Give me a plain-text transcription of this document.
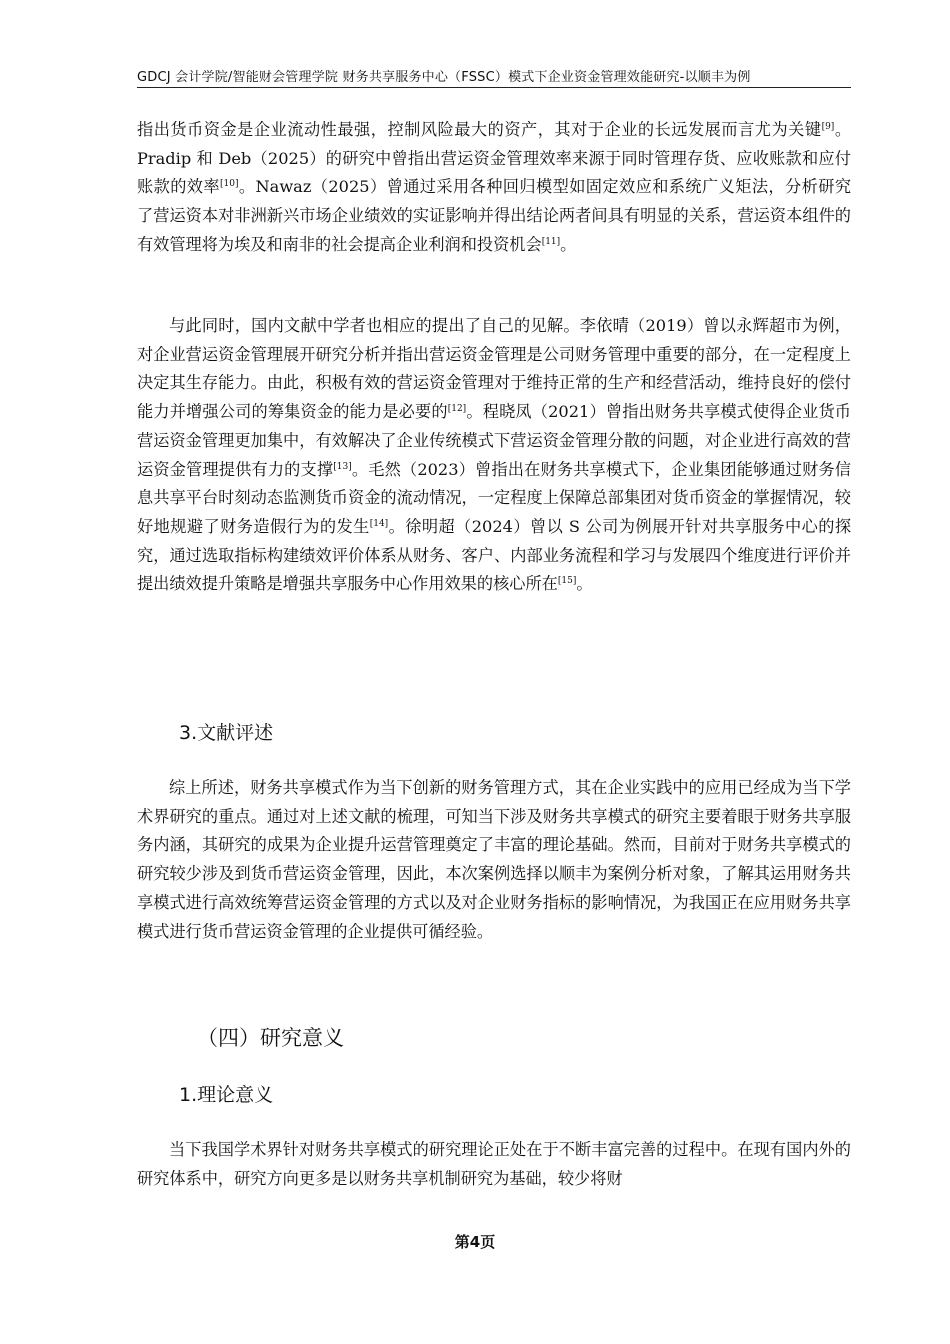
GDCJ 会计学院/智能财会管理学院 财务共享服务中心（FSSC）模式下企业资金管理效能研究-以顺丰为例

指出货币资金是企业流动性最强，控制风险最大的资产，其对于企业的长远发展而言尤为关键[9]。Pradip 和 Deb（2025）的研究中曾指出营运资金管理效率来源于同时管理存货、应收账款和应付账款的效率[10]。Nawaz（2025）曾通过采用各种回归模型如固定效应和系统广义矩法，分析研究了营运资本对非洲新兴市场企业绩效的实证影响并得出结论两者间具有明显的关系，营运资本组件的有效管理将为埃及和南非的社会提高企业利润和投资机会[11]。

与此同时，国内文献中学者也相应的提出了自己的见解。李依晴（2019）曾以永辉超市为例，对企业营运资金管理展开研究分析并指出营运资金管理是公司财务管理中重要的部分，在一定程度上决定其生存能力。由此，积极有效的营运资金管理对于维持正常的生产和经营活动，维持良好的偿付能力并增强公司的筹集资金的能力是必要的[12]。程晓凤（2021）曾指出财务共享模式使得企业货币营运资金管理更加集中，有效解决了企业传统模式下营运资金管理分散的问题，对企业进行高效的营运资金管理提供有力的支撑[13]。毛然（2023）曾指出在财务共享模式下，企业集团能够通过财务信息共享平台时刻动态监测货币资金的流动情况，一定程度上保障总部集团对货币资金的掌握情况，较好地规避了财务造假行为的发生[14]。徐明超（2024）曾以 S 公司为例展开针对共享服务中心的探究，通过选取指标构建绩效评价体系从财务、客户、内部业务流程和学习与发展四个维度进行评价并提出绩效提升策略是增强共享服务中心作用效果的核心所在[15]。

3.文献评述

综上所述，财务共享模式作为当下创新的财务管理方式，其在企业实践中的应用已经成为当下学术界研究的重点。通过对上述文献的梳理，可知当下涉及财务共享模式的研究主要着眼于财务共享服务内涵，其研究的成果为企业提升运营管理奠定了丰富的理论基础。然而，目前对于财务共享模式的研究较少涉及到货币营运资金管理，因此，本次案例选择以顺丰为案例分析对象，了解其运用财务共享模式进行高效统筹营运资金管理的方式以及对企业财务指标的影响情况，为我国正在应用财务共享模式进行货币营运资金管理的企业提供可循经验。

（四）研究意义
1.理论意义

当下我国学术界针对财务共享模式的研究理论正处在于不断丰富完善的过程中。在现有国内外的研究体系中，研究方向更多是以财务共享机制研究为基础，较少将财

第4页
